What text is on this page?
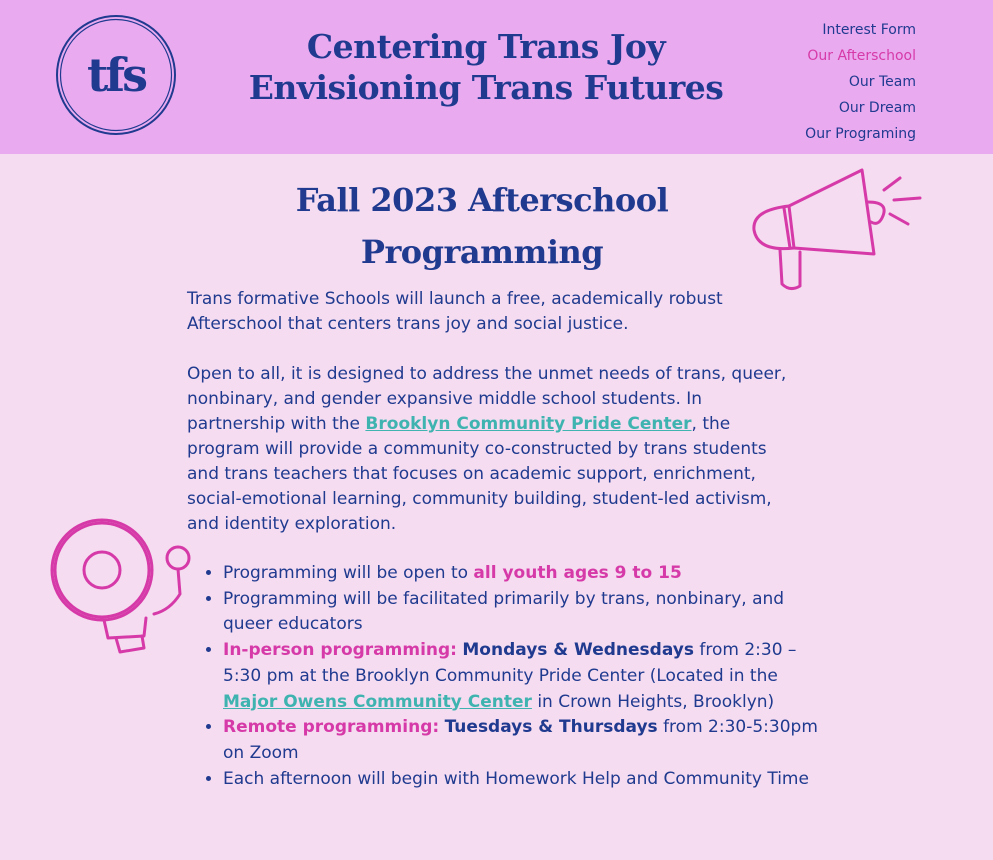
tfs
Centering Trans Joy
Envisioning Trans Futures
Interest Form
Our Afterschool
Our Team
Our Dream
Our Programing
Fall 2023 Afterschool
Programming

Trans formative Schools will launch a free, academically robust Afterschool that centers trans joy and social justice.

Open to all, it is designed to address the unmet needs of trans, queer, nonbinary, and gender expansive middle school students. In partnership with the Brooklyn Community Pride Center, the program will provide a community co-constructed by trans students and trans teachers that focuses on academic support, enrichment, social-emotional learning, community building, student-led activism, and identity exploration.

• Programming will be open to all youth ages 9 to 15
• Programming will be facilitated primarily by trans, nonbinary, and queer educators
• In-person programming: Mondays & Wednesdays from 2:30 – 5:30 pm at the Brooklyn Community Pride Center (Located in the Major Owens Community Center in Crown Heights, Brooklyn)
• Remote programming: Tuesdays & Thursdays from 2:30-5:30pm on Zoom
• Each afternoon will begin with Homework Help and Community Time
